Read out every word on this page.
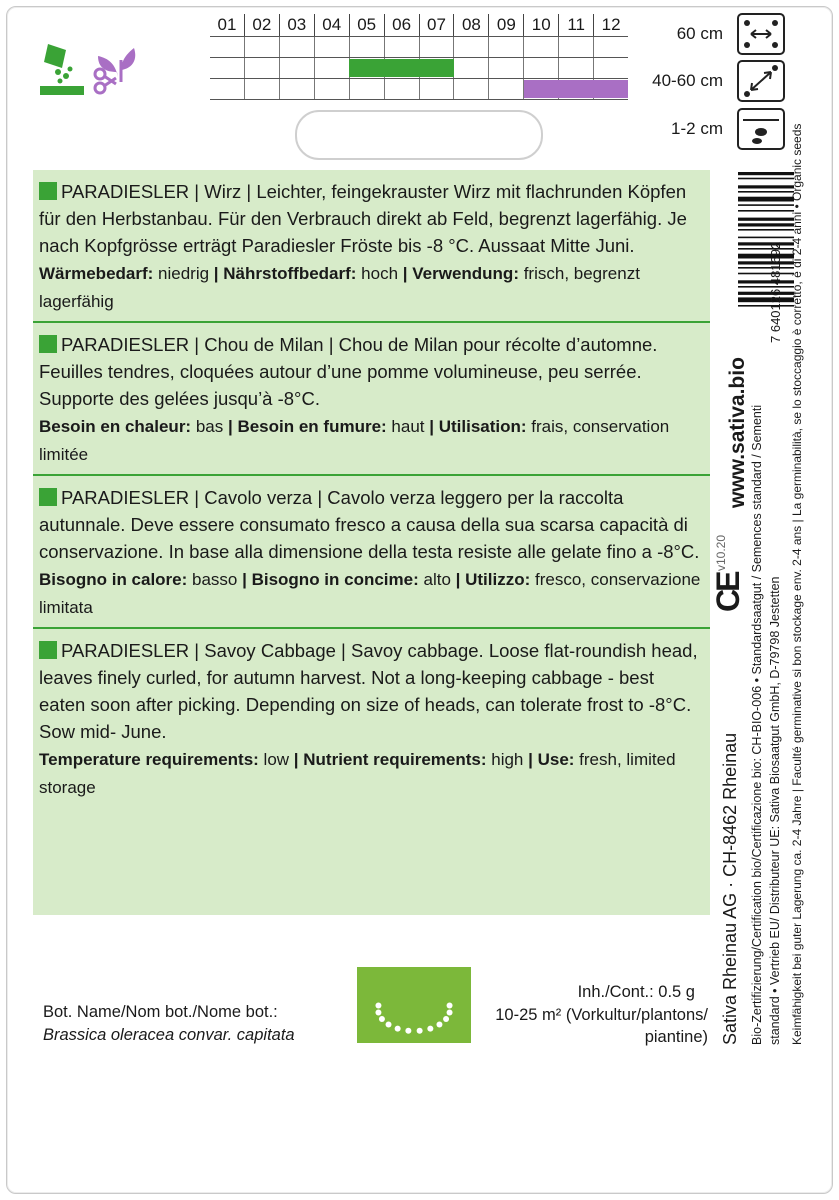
01 02 03 04 05 06 07 08 09 10 11 12	60 cm
40-60 cm
1-2 cm
PARADIESLER | Wirz | Leichter, feingekrauster Wirz mit flachrunden Köpfen für den Herbstanbau. Für den Verbrauch direkt ab Feld, begrenzt lagerfähig. Je nach Kopfgrösse erträgt Paradiesler Fröste bis -8 °C. Aussaat Mitte Juni.
Wärmebedarf: niedrig | Nährstoffbedarf: hoch | Verwendung: frisch, begrenzt lagerfähig
PARADIESLER | Chou de Milan | Chou de Milan pour récolte d’automne. Feuilles tendres, cloquées autour d’une pomme volumineuse, peu serrée. Supporte des gelées jusqu’à -8°C.
Besoin en chaleur: bas | Besoin en fumure: haut | Utilisation: frais, conservation limitée
PARADIESLER | Cavolo verza | Cavolo verza leggero per la raccolta autunnale. Deve essere consumato fresco a causa della sua scarsa capacità di conservazione. In base alla dimensione della testa resiste alle gelate fino a -8°C.
Bisogno in calore: basso | Bisogno in concime: alto | Utilizzo: fresco, conservazione limitata
PARADIESLER | Savoy Cabbage | Savoy cabbage. Loose flat-roundish head, leaves finely curled, for autumn harvest. Not a long-keeping cabbage - best eaten soon after picking. Depending on size of heads, can tolerate frost to -8°C. Sow mid- June.
Temperature requirements: low | Nutrient requirements: high | Use: fresh, limited storage
7 640126 481692
www.sativa.bio
v10.20
CE
Sativa Rheinau AG · CH-8462 Rheinau Bio-Zertifizierung/Certification bio/Certificazione bio: CH-BIO-006 • Standardsaatgut / Semences standard / Sementi standard • Vertrieb EU/ Distributeur UE: Sativa Biosaatgut GmbH, D-79798 Jestetten Keimfähigkeit bei guter Lagerung ca. 2-4 Jahre | Faculté germinative si bon stockage env. 2-4 ans | La germinabilità, se lo stoccaggio è corretto, è di 2-4 anni • Organic seeds
Bot. Name/Nom bot./Nome bot.:
Brassica oleracea convar. capitata
Inh./Cont.: 0.5 g
10-25 m² (Vorkultur/plantons/
piantine)
